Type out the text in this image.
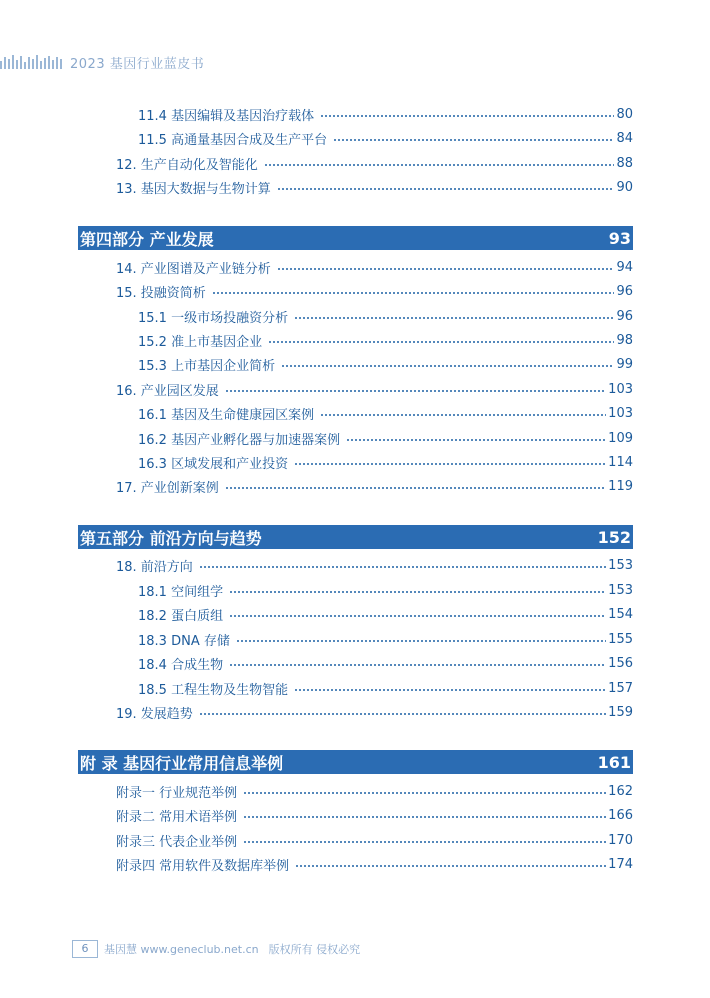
2023 基因行业蓝皮书
11.4 基因编辑及基因治疗载体	80
11.5 高通量基因合成及生产平台	84
12. 生产自动化及智能化	88
13. 基因大数据与生物计算	90
第四部分 产业发展	93
14. 产业图谱及产业链分析	94
15. 投融资简析	96
15.1 一级市场投融资分析	96
15.2 准上市基因企业	98
15.3 上市基因企业简析	99
16. 产业园区发展	103
16.1 基因及生命健康园区案例	103
16.2 基因产业孵化器与加速器案例	109
16.3 区域发展和产业投资	114
17. 产业创新案例	119
第五部分 前沿方向与趋势	152
18. 前沿方向	153
18.1 空间组学	153
18.2 蛋白质组	154
18.3 DNA 存储	155
18.4 合成生物	156
18.5 工程生物及生物智能	157
19. 发展趋势	159
附 录 基因行业常用信息举例	161
附录一 行业规范举例	162
附录二 常用术语举例	166
附录三 代表企业举例	170
附录四 常用软件及数据库举例	174
6	基因慧 www.geneclub.net.cn 版权所有 侵权必究
